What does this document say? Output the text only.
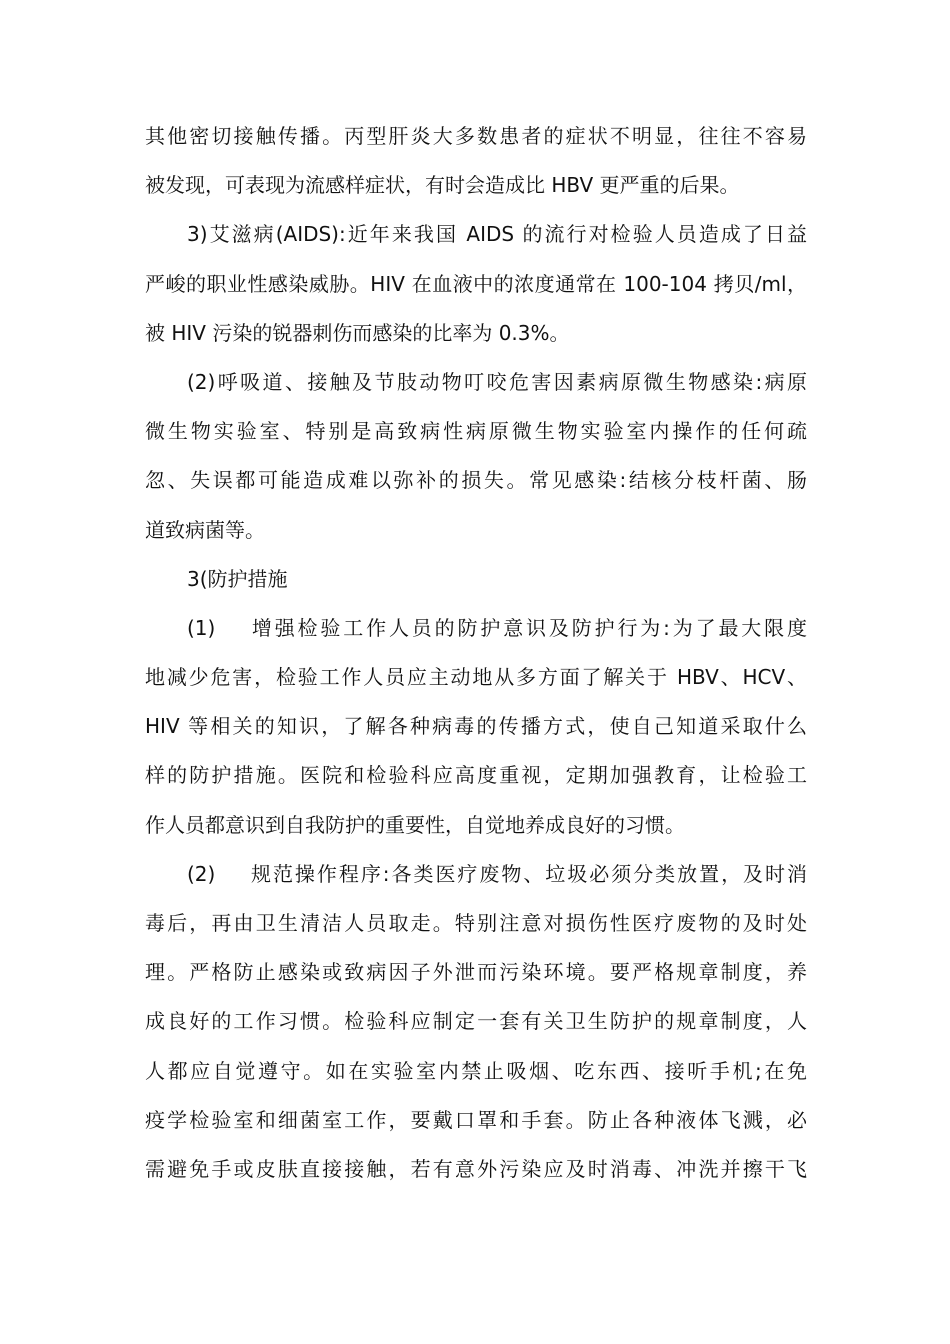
其他密切接触传播。丙型肝炎大多数患者的症状不明显，往往不容易
被发现，可表现为流感样症状，有时会造成比 HBV 更严重的后果。
3)艾滋病(AIDS):近年来我国 AIDS 的流行对检验人员造成了日益
严峻的职业性感染威胁。HIV 在血液中的浓度通常在 100-104 拷贝/ml，
被 HIV 污染的锐器刺伤而感染的比率为 0.3%。
(2)呼吸道、接触及节肢动物叮咬危害因素病原微生物感染:病原
微生物实验室、特别是高致病性病原微生物实验室内操作的任何疏
忽、失误都可能造成难以弥补的损失。常见感染:结核分枝杆菌、肠
道致病菌等。
3(防护措施
(1) 增强检验工作人员的防护意识及防护行为:为了最大限度
地减少危害，检验工作人员应主动地从多方面了解关于 HBV、HCV、
HIV 等相关的知识，了解各种病毒的传播方式，使自己知道采取什么
样的防护措施。医院和检验科应高度重视，定期加强教育，让检验工
作人员都意识到自我防护的重要性，自觉地养成良好的习惯。
(2) 规范操作程序:各类医疗废物、垃圾必须分类放置，及时消
毒后，再由卫生清洁人员取走。特别注意对损伤性医疗废物的及时处
理。严格防止感染或致病因子外泄而污染环境。要严格规章制度，养
成良好的工作习惯。检验科应制定一套有关卫生防护的规章制度，人
人都应自觉遵守。如在实验室内禁止吸烟、吃东西、接听手机;在免
疫学检验室和细菌室工作，要戴口罩和手套。防止各种液体飞溅，必
需避免手或皮肤直接接触，若有意外污染应及时消毒、冲洗并擦干飞
